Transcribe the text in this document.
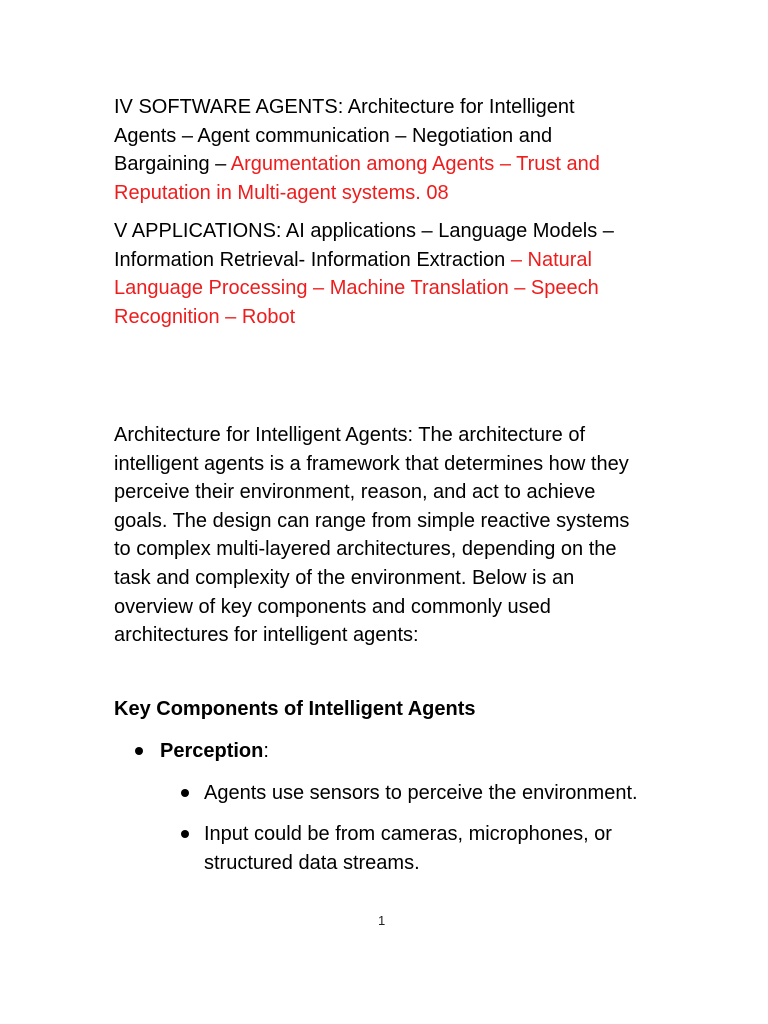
IV SOFTWARE AGENTS: Architecture for Intelligent Agents – Agent communication – Negotiation and Bargaining – Argumentation among Agents – Trust and Reputation in Multi-agent systems. 08

V APPLICATIONS: AI applications – Language Models – Information Retrieval- Information Extraction – Natural Language Processing – Machine Translation – Speech Recognition – Robot

Architecture for Intelligent Agents: The architecture of intelligent agents is a framework that determines how they perceive their environment, reason, and act to achieve goals. The design can range from simple reactive systems to complex multi-layered architectures, depending on the task and complexity of the environment. Below is an overview of key components and commonly used architectures for intelligent agents:

Key Components of Intelligent Agents

Perception:

Agents use sensors to perceive the environment.

Input could be from cameras, microphones, or structured data streams.

1
